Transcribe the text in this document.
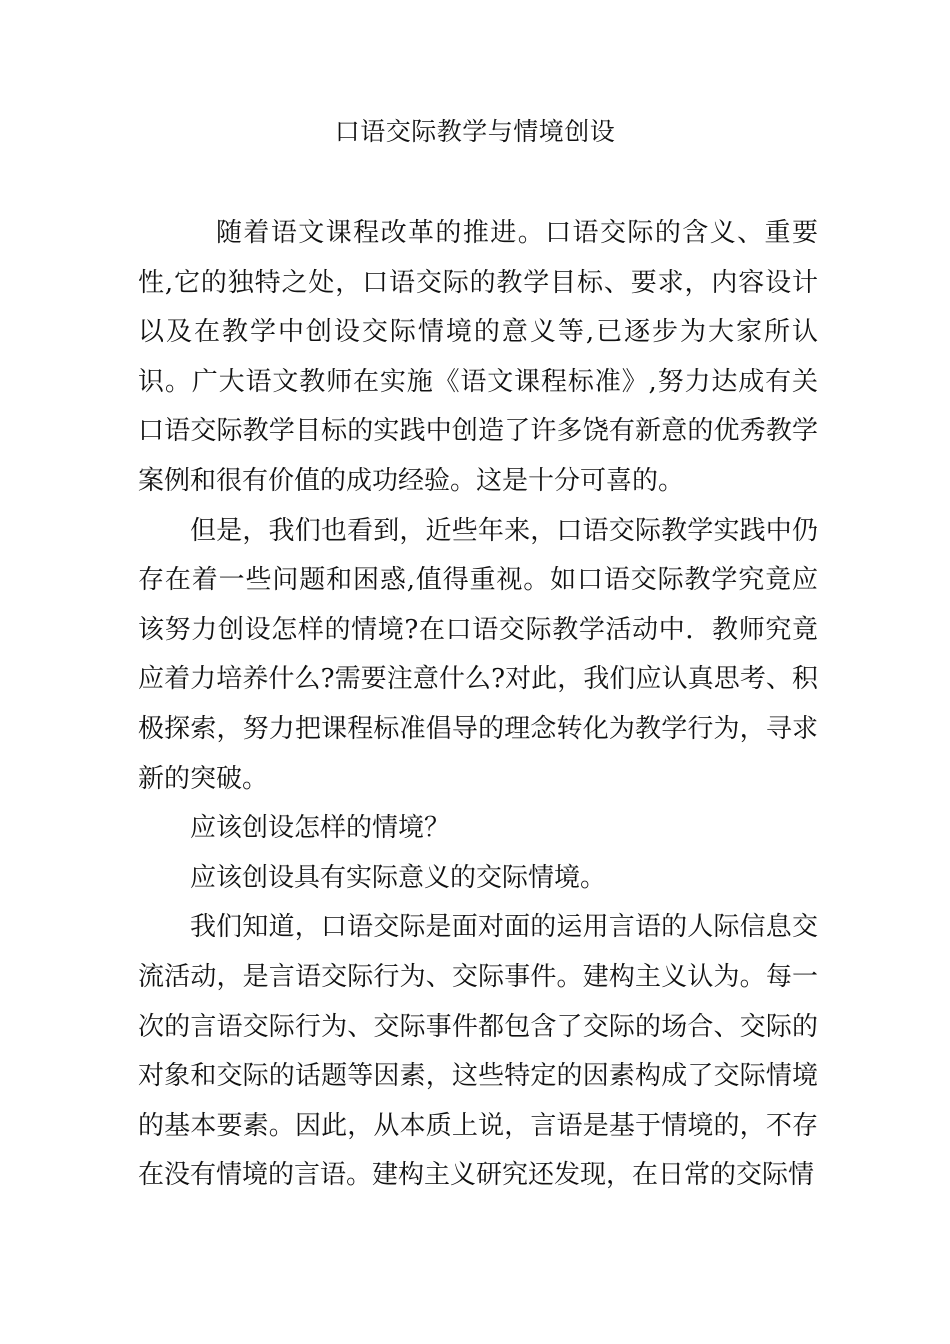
口语交际教学与情境创设

随着语文课程改革的推进。口语交际的含义、重要性,它的独特之处，口语交际的教学目标、要求，内容设计以及在教学中创设交际情境的意义等,已逐步为大家所认识。广大语文教师在实施《语文课程标准》,努力达成有关口语交际教学目标的实践中创造了许多饶有新意的优秀教学案例和很有价值的成功经验。这是十分可喜的。

但是，我们也看到，近些年来，口语交际教学实践中仍存在着一些问题和困惑,值得重视。如口语交际教学究竟应该努力创设怎样的情境?在口语交际教学活动中．教师究竟应着力培养什么?需要注意什么?对此，我们应认真思考、积极探索，努力把课程标准倡导的理念转化为教学行为，寻求新的突破。

应该创设怎样的情境？

应该创设具有实际意义的交际情境。

我们知道，口语交际是面对面的运用言语的人际信息交流活动，是言语交际行为、交际事件。建构主义认为。每一次的言语交际行为、交际事件都包含了交际的场合、交际的对象和交际的话题等因素，这些特定的因素构成了交际情境的基本要素。因此，从本质上说，言语是基于情境的，不存在没有情境的言语。建构主义研究还发现，在日常的交际情
